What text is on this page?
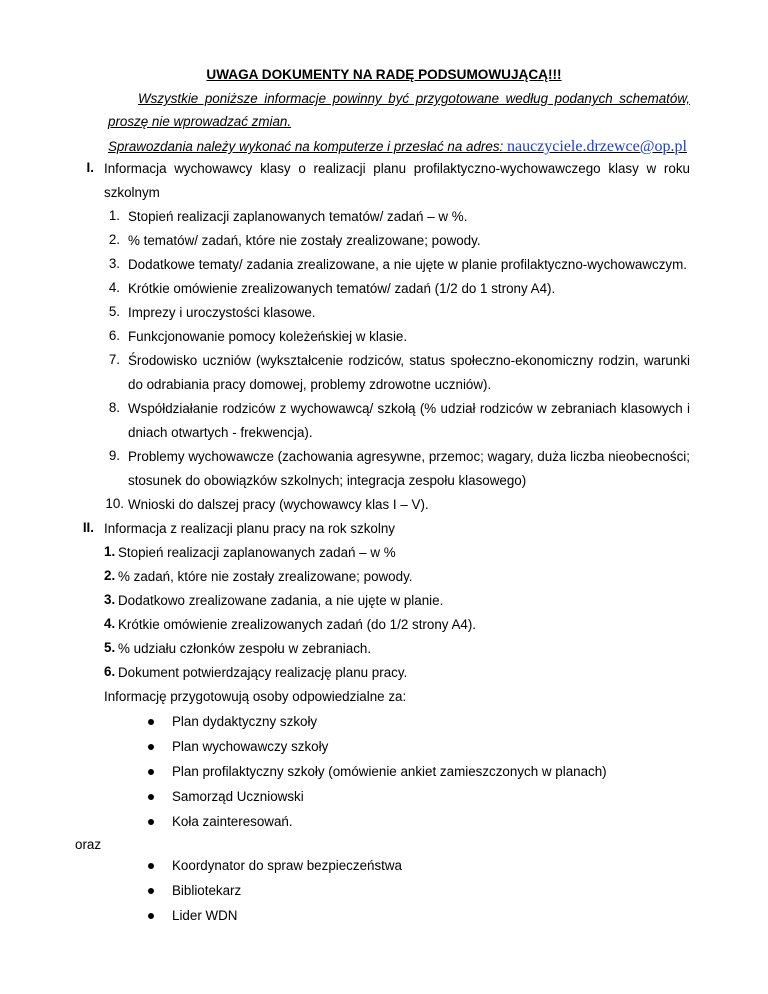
UWAGA DOKUMENTY NA RADĘ PODSUMOWUJĄCĄ!!!
Wszystkie poniższe informacje powinny być przygotowane według podanych schematów,
proszę nie wprowadzać zmian.
Sprawozdania należy wykonać na komputerze i przesłać na adres: nauczyciele.drzewce@op.pl
I. Informacja wychowawcy klasy o realizacji planu profilaktyczno-wychowawczego klasy w roku
szkolnym
1. Stopień realizacji zaplanowanych tematów/ zadań – w %.
2. % tematów/ zadań, które nie zostały zrealizowane; powody.
3. Dodatkowe tematy/ zadania zrealizowane, a nie ujęte w planie profilaktyczno-wychowawczym.
4. Krótkie omówienie zrealizowanych tematów/ zadań (1/2 do 1 strony A4).
5. Imprezy i uroczystości klasowe.
6. Funkcjonowanie pomocy koleżeńskiej w klasie.
7. Środowisko uczniów (wykształcenie rodziców, status społeczno-ekonomiczny rodzin, warunki
do odrabiania pracy domowej, problemy zdrowotne uczniów).
8. Współdziałanie rodziców z wychowawcą/ szkołą (% udział rodziców w zebraniach klasowych i
dniach otwartych - frekwencja).
9. Problemy wychowawcze (zachowania agresywne, przemoc; wagary, duża liczba nieobecności;
stosunek do obowiązków szkolnych; integracja zespołu klasowego)
10. Wnioski do dalszej pracy (wychowawcy klas I – V).
II. Informacja z realizacji planu pracy na rok szkolny
1. Stopień realizacji zaplanowanych zadań – w %
2. % zadań, które nie zostały zrealizowane; powody.
3. Dodatkowo zrealizowane zadania, a nie ujęte w planie.
4. Krótkie omówienie zrealizowanych zadań (do 1/2 strony A4).
5. % udziału członków zespołu w zebraniach.
6. Dokument potwierdzający realizację planu pracy.
Informację przygotowują osoby odpowiedzialne za:
Plan dydaktyczny szkoły
Plan wychowawczy szkoły
Plan profilaktyczny szkoły (omówienie ankiet zamieszczonych w planach)
Samorząd Uczniowski
Koła zainteresowań.
oraz
Koordynator do spraw bezpieczeństwa
Bibliotekarz
Lider WDN
